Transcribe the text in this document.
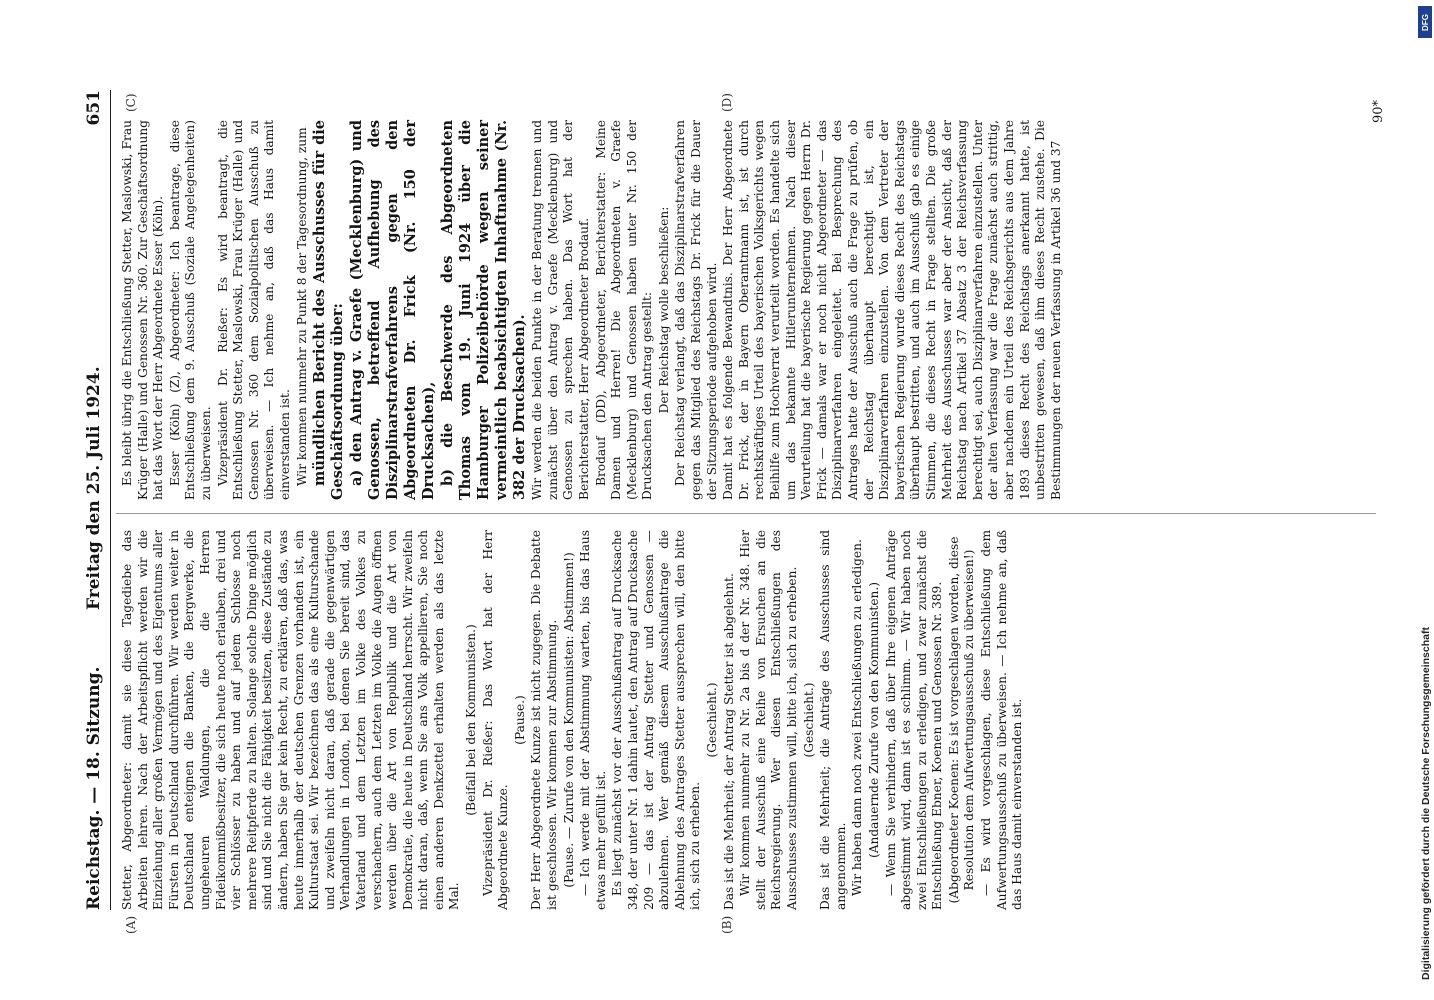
Reichstag. — 18. Sitzung.
Freitag den 25. Juli 1924.
651
(A)	(B)
(C)	(D)

Stetter, Abgeordneter: damit sie diese Tagediebe das Arbeiten lehren. Nach der Arbeitspflicht werden wir die Einziehung aller großen Vermögen und des Eigentums aller Fürsten in Deutschland durchführen. Wir werden weiter in Deutschland enteignen die Banken, die Bergwerke, die ungeheuren Waldungen, die die Herren Fideikommißbesitzer, die sich heute noch erlauben, drei und vier Schlösser zu haben und auf jedem Schlosse noch mehrere Reitpferde zu halten. Solange solche Dinge möglich sind und Sie nicht die Fähigkeit besitzen, diese Zustände zu ändern, haben Sie gar kein Recht, zu erklären, daß das, was heute innerhalb der deutschen Grenzen vorhanden ist, ein Kulturstaat sei. Wir bezeichnen das als eine Kulturschande und zweifeln nicht daran, daß gerade die gegenwärtigen Verhandlungen in London, bei denen Sie bereit sind, das Vaterland und dem Letzten im Volke des Volkes zu verschachern, auch dem Letzten im Volke die Augen öffnen werden über die Art von Republik und die Art von Demokratie, die heute in Deutschland herrscht. Wir zweifeln nicht daran, daß, wenn Sie ans Volk appellieren, Sie noch einen anderen Denkzettel erhalten werden als das letzte Mal.

(Beifall bei den Kommunisten.) Vizepräsident Dr. Rießer: Das Wort hat der Herr Abgeordnete Kunze.

(Pause.) Der Herr Abgeordnete Kunze ist nicht zugegen. Die Debatte ist geschlossen. Wir kommen zur Abstimmung. (Pause. — Zurufe von den Kommunisten: Abstimmen!) — Ich werde mit der Abstimmung warten, bis das Haus etwas mehr gefüllt ist. Es liegt zunächst vor der Ausschußantrag auf Drucksache 348, der unter Nr. 1 dahin lautet, den Antrag auf Drucksache 209 — das ist der Antrag Stetter und Genossen — abzulehnen. Wer gemäß diesem Ausschußantrage die Ablehnung des Antrages Stetter aussprechen will, den bitte ich, sich zu erheben.

(Geschieht.) Das ist die Mehrheit; der Antrag Stetter ist abgelehnt. Wir kommen nunmehr zu Nr. 2a bis d der Nr. 348. Hier stellt der Ausschuß eine Reihe von Ersuchen an die Reichsregierung. Wer diesen Entschließungen des Ausschusses zustimmen will, bitte ich, sich zu erheben. (Geschieht.) Das ist die Mehrheit; die Anträge des Ausschusses sind angenommen. Wir haben dann noch zwei Entschließungen zu erledigen. (Andauernde Zurufe von den Kommunisten.) — Wenn Sie verhindern, daß über Ihre eigenen Anträge abgestimmt wird, dann ist es schlimm. — Wir haben noch zwei Entschließungen zu erledigen, und zwar zunächst die Entschließung Ebner, Koenen und Genossen Nr. 389. (Abgeordneter Koenen: Es ist vorgeschlagen worden, diese Resolution dem Aufwertungsausschuß zu überweisen!) — Es wird vorgeschlagen, diese Entschließung dem Aufwertungsausschuß zu überweisen. — Ich nehme an, daß das Haus damit einverstanden ist.

Es bleibt übrig die Entschließung Stetter, Maslowski, Frau Krüger (Halle) und Genossen Nr. 360. Zur Geschäftsordnung hat das Wort der Herr Abgeordnete Esser (Köln). Esser (Köln) (Z), Abgeordneter: Ich beantrage, diese Entschließung dem 9. Ausschuß (Soziale Angelegenheiten) zu überweisen. Vizepräsident Dr. Rießer: Es wird beantragt, die Entschließung Stetter, Maslowski, Frau Krüger (Halle) und Genossen Nr. 360 dem Sozialpolitischen Ausschuß zu überweisen. — Ich nehme an, daß das Haus damit einverstanden ist. Wir kommen nunmehr zu Punkt 8 der Tagesordnung, zum mündlichen Bericht des Ausschusses für die Geschäftsordnung über: a) den Antrag v. Graefe (Mecklenburg) und Genossen, betreffend Aufhebung des Disziplinarstrafverfahrens gegen den Abgeordneten Dr. Frick (Nr. 150 der Drucksachen), b) die Beschwerde des Abgeordneten Thomas vom 19. Juni 1924 über die Hamburger Polizeibehörde wegen seiner vermeintlich beabsichtigten Inhaftnahme (Nr. 382 der Drucksachen). Wir werden die beiden Punkte in der Beratung trennen und zunächst über den Antrag v. Graefe (Mecklenburg) und Genossen zu sprechen haben. Das Wort hat der Berichterstatter, Herr Abgeordneter Brodauf. Brodauf (DD), Abgeordneter, Berichterstatter: Meine Damen und Herren! Die Abgeordneten v. Graefe (Mecklenburg) und Genossen haben unter Nr. 150 der Drucksachen den Antrag gestellt: Der Reichstag wolle beschließen: Der Reichstag verlangt, daß das Disziplinarstrafverfahren gegen das Mitglied des Reichstags Dr. Frick für die Dauer der Sitzungsperiode aufgehoben wird. Damit hat es folgende Bewandtnis. Der Herr Abgeordnete Dr. Frick, der in Bayern Oberamtmann ist, ist durch rechtskräftiges Urteil des bayerischen Volksgerichts wegen Beihilfe zum Hochverrat verurteilt worden. Es handelte sich um das bekannte Hitlerunternehmen. Nach dieser Verurteilung hat die bayerische Regierung gegen Herrn Dr. Frick — damals war er noch nicht Abgeordneter — das Disziplinarverfahren eingeleitet. Bei Besprechung des Antrages hatte der Ausschuß auch die Frage zu prüfen, ob der Reichstag überhaupt berechtigt ist, ein Disziplinarverfahren einzustellen. Von dem Vertreter der bayerischen Regierung wurde dieses Recht des Reichstags überhaupt bestritten, und auch im Ausschuß gab es einige Stimmen, die dieses Recht in Frage stellten. Die große Mehrheit des Ausschusses war aber der Ansicht, daß der Reichstag nach Artikel 37 Absatz 3 der Reichsverfassung berechtigt sei, auch Disziplinarverfahren einzustellen. Unter der alten Verfassung war die Frage zunächst auch strittig, aber nachdem ein Urteil des Reichsgerichts aus dem Jahre 1893 dieses Recht des Reichstags anerkannt hatte, ist unbestritten gewesen, daß ihm dieses Recht zustehe. Die Bestimmungen der neuen Verfassung in Artikel 36 und 37

90*
Digitalisierung gefördert durch die Deutsche Forschungsgemeinschaft
DFG
